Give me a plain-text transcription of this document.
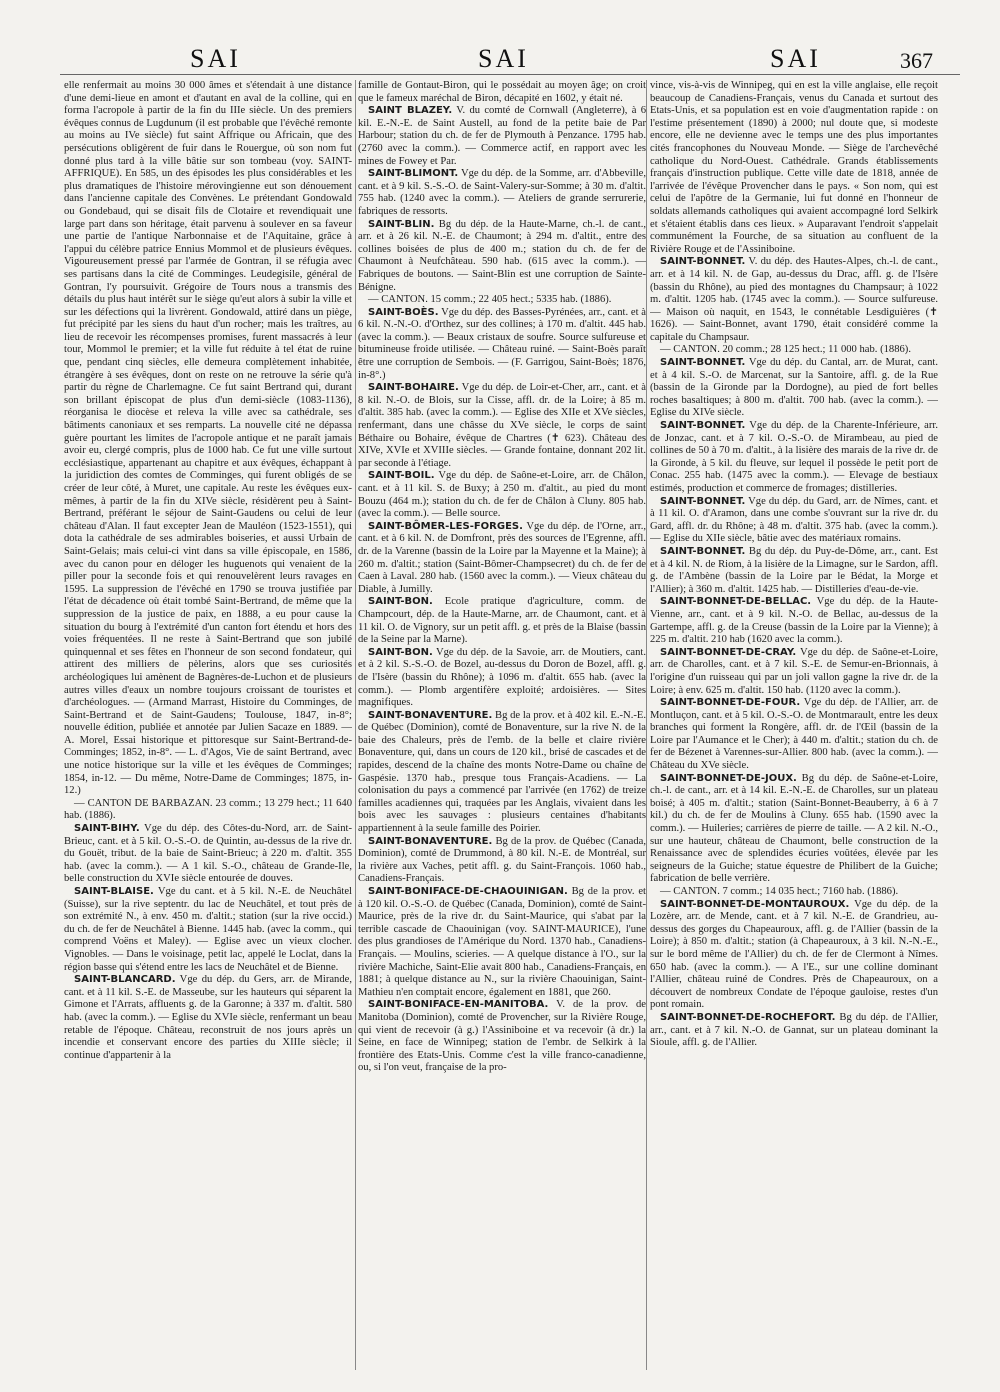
SAI	SAI	SAI	367

elle renfermait au moins 30 000 âmes et s'étendait à une distance d'une demi-lieue en amont et d'autant en aval de la colline, qui en forma l'acropole à partir de la fin du IIIe siècle. Un des premiers évêques connus de Lugdunum (il est probable que l'évêché remonte au moins au IVe siècle) fut saint Affrique ou Africain, que des persécutions obligèrent de fuir dans le Rouergue, où son nom fut donné plus tard à la ville bâtie sur son tombeau (voy. SAINT-AFFRIQUE). En 585, un des épisodes les plus considérables et les plus dramatiques de l'histoire mérovingienne eut son dénouement dans l'ancienne capitale des Convènes. Le prétendant Gondowald ou Gondebaud, qui se disait fils de Clotaire et revendiquait une large part dans son héritage, était parvenu à soulever en sa faveur une partie de l'antique Narbonnaise et de l'Aquitaine, grâce à l'appui du célèbre patrice Ennius Mommol et de plusieurs évêques. Vigoureusement pressé par l'armée de Gontran, il se réfugia avec ses partisans dans la cité de Comminges. Leudegisile, général de Gontran, l'y poursuivit. Grégoire de Tours nous a transmis des détails du plus haut intérêt sur le siège qu'eut alors à subir la ville et sur les défections qui la livrèrent. Gondowald, attiré dans un piège, fut précipité par les siens du haut d'un rocher; mais les traîtres, au lieu de recevoir les récompenses promises, furent massacrés à leur tour, Mommol le premier; et la ville fut réduite à tel état de ruine que, pendant cinq siècles, elle demeura complètement inhabitée, étrangère à ses évêques, dont on reste on ne retrouve la série qu'à partir du règne de Charlemagne. Ce fut saint Bertrand qui, durant son brillant épiscopat de plus d'un demi-siècle (1083-1136), réorganisa le diocèse et releva la ville avec sa cathédrale, ses bâtiments canoniaux et ses remparts. La nouvelle cité ne dépassa guère pourtant les limites de l'acropole antique et ne paraît jamais avoir eu, clergé compris, plus de 1000 hab. Ce fut une ville surtout ecclésiastique, appartenant au chapitre et aux évêques, échappant à la juridiction des comtes de Comminges, qui furent obligés de se créer de leur côté, à Muret, une capitale. Au reste les évêques eux-mêmes, à partir de la fin du XIVe siècle, résidèrent peu à Saint-Bertrand, préférant le séjour de Saint-Gaudens ou celui de leur château d'Alan. Il faut excepter Jean de Mauléon (1523-1551), qui dota la cathédrale de ses admirables boiseries, et aussi Urbain de Saint-Gelais; mais celui-ci vint dans sa ville épiscopale, en 1586, avec du canon pour en déloger les huguenots qui venaient de la piller pour la seconde fois et qui renouvelèrent leurs ravages en 1595. La suppression de l'évêché en 1790 se trouva justifiée par l'état de décadence où était tombé Saint-Bertrand, de même que la suppression de la justice de paix, en 1888, a eu pour cause la situation du bourg à l'extrémité d'un canton fort étendu et hors des voies fréquentées. Il ne reste à Saint-Bertrand que son jubilé quinquennal et ses fêtes en l'honneur de son second fondateur, qui attirent des milliers de pèlerins, alors que ses curiosités archéologiques lui amènent de Bagnères-de-Luchon et de plusieurs autres villes d'eaux un nombre toujours croissant de touristes et d'archéologues. — (Armand Marrast, Histoire du Comminges, de Saint-Bertrand et de Saint-Gaudens; Toulouse, 1847, in-8°; nouvelle édition, publiée et annotée par Julien Sacaze en 1889. — A. Morel, Essai historique et pittoresque sur Saint-Bertrand-de-Comminges; 1852, in-8°. — L. d'Agos, Vie de saint Bertrand, avec une notice historique sur la ville et les évêques de Comminges; 1854, in-12. — Du même, Notre-Dame de Comminges; 1875, in-12.)

— CANTON DE BARBAZAN. 23 comm.; 13 279 hect.; 11 640 hab. (1886).

SAINT-BIHY. Vge du dép. des Côtes-du-Nord, arr. de Saint-Brieuc, cant. et à 5 kil. O.-S.-O. de Quintin, au-dessus de la rive dr. du Gouët, tribut. de la baie de Saint-Brieuc; à 220 m. d'altit. 355 hab. (avec la comm.). — A 1 kil. S.-O., château de Grande-Ile, belle construction du XVIe siècle entourée de douves.

SAINT-BLAISE. Vge du cant. et à 5 kil. N.-E. de Neuchâtel (Suisse), sur la rive septentr. du lac de Neuchâtel, et tout près de son extrémité N., à env. 450 m. d'altit.; station (sur la rive occid.) du ch. de fer de Neuchâtel à Bienne. 1445 hab. (avec la comm., qui comprend Voëns et Maley). — Eglise avec un vieux clocher. Vignobles. — Dans le voisinage, petit lac, appelé le Loclat, dans la région basse qui s'étend entre les lacs de Neuchâtel et de Bienne.

SAINT-BLANCARD. Vge du dép. du Gers, arr. de Mirande, cant. et à 11 kil. S.-E. de Masseube, sur les hauteurs qui séparent la Gimone et l'Arrats, affluents g. de la Garonne; à 337 m. d'altit. 580 hab. (avec la comm.). — Eglise du XVIe siècle, renfermant un beau retable de l'époque. Château, reconstruit de nos jours après un incendie et conservant encore des parties du XIIIe siècle; il continue d'appartenir à la

famille de Gontaut-Biron, qui le possédait au moyen âge; on croit que le fameux maréchal de Biron, décapité en 1602, y était né.

SAINT BLAZEY. V. du comté de Cornwall (Angleterre), à 6 kil. E.-N.-E. de Saint Austell, au fond de la petite baie de Par Harbour; station du ch. de fer de Plymouth à Penzance. 1795 hab. (2760 avec la comm.). — Commerce actif, en rapport avec les mines de Fowey et Par.

SAINT-BLIMONT. Vge du dép. de la Somme, arr. d'Abbeville, cant. et à 9 kil. S.-S.-O. de Saint-Valery-sur-Somme; à 30 m. d'altit. 755 hab. (1240 avec la comm.). — Ateliers de grande serrurerie, fabriques de ressorts.

SAINT-BLIN. Bg du dép. de la Haute-Marne, ch.-l. de cant., arr. et à 26 kil. N.-E. de Chaumont; à 294 m. d'altit., entre des collines boisées de plus de 400 m.; station du ch. de fer de Chaumont à Neufchâteau. 590 hab. (615 avec la comm.). — Fabriques de boutons. — Saint-Blin est une corruption de Sainte-Bénigne.

— CANTON. 15 comm.; 22 405 hect.; 5335 hab. (1886).

SAINT-BOÈS. Vge du dép. des Basses-Pyrénées, arr., cant. et à 6 kil. N.-N.-O. d'Orthez, sur des collines; à 170 m. d'altit. 445 hab. (avec la comm.). — Beaux cristaux de soufre. Source sulfureuse et bitumineuse froide utilisée. — Château ruiné. — Saint-Boès paraît être une corruption de Sembois. — (F. Garrigou, Saint-Boès; 1876, in-8°.)

SAINT-BOHAIRE. Vge du dép. de Loir-et-Cher, arr., cant. et à 8 kil. N.-O. de Blois, sur la Cisse, affl. dr. de la Loire; à 85 m. d'altit. 385 hab. (avec la comm.). — Eglise des XIIe et XVe siècles, renfermant, dans une châsse du XVe siècle, le corps de saint Béthaire ou Bohaire, évêque de Chartres (✝ 623). Château des XIVe, XVIe et XVIIIe siècles. — Grande fontaine, donnant 202 lit. par seconde à l'étiage.

SAINT-BOIL. Vge du dép. de Saône-et-Loire, arr. de Châlon, cant. et à 11 kil. S. de Buxy; à 250 m. d'altit., au pied du mont Bouzu (464 m.); station du ch. de fer de Châlon à Cluny. 805 hab. (avec la comm.). — Belle source.

SAINT-BÔMER-LES-FORGES. Vge du dép. de l'Orne, arr., cant. et à 6 kil. N. de Domfront, près des sources de l'Egrenne, affl. dr. de la Varenne (bassin de la Loire par la Mayenne et la Maine); à 260 m. d'altit.; station (Saint-Bômer-Champsecret) du ch. de fer de Caen à Laval. 280 hab. (1560 avec la comm.). — Vieux château du Diable, à Jumilly.

SAINT-BON. Ecole pratique d'agriculture, comm. de Champcourt, dép. de la Haute-Marne, arr. de Chaumont, cant. et à 11 kil. O. de Vignory, sur un petit affl. g. et près de la Blaise (bassin de la Seine par la Marne).

SAINT-BON. Vge du dép. de la Savoie, arr. de Moutiers, cant. et à 2 kil. S.-S.-O. de Bozel, au-dessus du Doron de Bozel, affl. g. de l'Isère (bassin du Rhône); à 1096 m. d'altit. 655 hab. (avec la comm.). — Plomb argentifère exploité; ardoisières. — Sites magnifiques.

SAINT-BONAVENTURE. Bg de la prov. et à 402 kil. E.-N.-E. de Québec (Dominion), comté de Bonaventure, sur la rive N. de la baie des Chaleurs, près de l'emb. de la belle et claire rivière Bonaventure, qui, dans un cours de 120 kil., brisé de cascades et de rapides, descend de la chaîne des monts Notre-Dame ou chaîne de Gaspésie. 1370 hab., presque tous Français-Acadiens. — La colonisation du pays a commencé par l'arrivée (en 1762) de treize familles acadiennes qui, traquées par les Anglais, vivaient dans les bois avec les sauvages : plusieurs centaines d'habitants appartiennent à la seule famille des Poirier.

SAINT-BONAVENTURE. Bg de la prov. de Québec (Canada, Dominion), comté de Drummond, à 80 kil. N.-E. de Montréal, sur la rivière aux Vaches, petit affl. g. du Saint-François. 1060 hab., Canadiens-Français.

SAINT-BONIFACE-DE-CHAOUINIGAN. Bg de la prov. et à 120 kil. O.-S.-O. de Québec (Canada, Dominion), comté de Saint-Maurice, près de la rive dr. du Saint-Maurice, qui s'abat par la terrible cascade de Chaouinigan (voy. SAINT-MAURICE), l'une des plus grandioses de l'Amérique du Nord. 1370 hab., Canadiens-Français. — Moulins, scieries. — A quelque distance à l'O., sur la rivière Machiche, Saint-Elie avait 800 hab., Canadiens-Français, en 1881; à quelque distance au N., sur la rivière Chaouinigan, Saint-Mathieu n'en comptait encore, également en 1881, que 260.

SAINT-BONIFACE-EN-MANITOBA. V. de la prov. de Manitoba (Dominion), comté de Provencher, sur la Rivière Rouge, qui vient de recevoir (à g.) l'Assiniboine et va recevoir (à dr.) la Seine, en face de Winnipeg; station de l'embr. de Selkirk à la frontière des Etats-Unis. Comme c'est la ville franco-canadienne, ou, si l'on veut, française de la pro-

vince, vis-à-vis de Winnipeg, qui en est la ville anglaise, elle reçoit beaucoup de Canadiens-Français, venus du Canada et surtout des Etats-Unis, et sa population est en voie d'augmentation rapide : on l'estime présentement (1890) à 2000; nul doute que, si modeste encore, elle ne devienne avec le temps une des plus importantes cités francophones du Nouveau Monde. — Siège de l'archevêché catholique du Nord-Ouest. Cathédrale. Grands établissements français d'instruction publique. Cette ville date de 1818, année de l'arrivée de l'évêque Provencher dans le pays. « Son nom, qui est celui de l'apôtre de la Germanie, lui fut donné en l'honneur de soldats allemands catholiques qui avaient accompagné lord Selkirk et s'étaient établis dans ces lieux. » Auparavant l'endroit s'appelait communément la Fourche, de sa situation au confluent de la Rivière Rouge et de l'Assiniboine.

SAINT-BONNET. V. du dép. des Hautes-Alpes, ch.-l. de cant., arr. et à 14 kil. N. de Gap, au-dessus du Drac, affl. g. de l'Isère (bassin du Rhône), au pied des montagnes du Champsaur; à 1022 m. d'altit. 1205 hab. (1745 avec la comm.). — Source sulfureuse. — Maison où naquit, en 1543, le connétable Lesdiguières (✝ 1626). — Saint-Bonnet, avant 1790, était considéré comme la capitale du Champsaur.

— CANTON. 20 comm.; 28 125 hect.; 11 000 hab. (1886).

SAINT-BONNET. Vge du dép. du Cantal, arr. de Murat, cant. et à 4 kil. S.-O. de Marcenat, sur la Santoire, affl. g. de la Rue (bassin de la Gironde par la Dordogne), au pied de fort belles roches basaltiques; à 800 m. d'altit. 700 hab. (avec la comm.). — Eglise du XIVe siècle.

SAINT-BONNET. Vge du dép. de la Charente-Inférieure, arr. de Jonzac, cant. et à 7 kil. O.-S.-O. de Mirambeau, au pied de collines de 50 à 70 m. d'altit., à la lisière des marais de la rive dr. de la Gironde, à 5 kil. du fleuve, sur lequel il possède le petit port de Conac. 255 hab. (1475 avec la comm.). — Elevage de bestiaux estimés, production et commerce de fromages; distilleries.

SAINT-BONNET. Vge du dép. du Gard, arr. de Nîmes, cant. et à 11 kil. O. d'Aramon, dans une combe s'ouvrant sur la rive dr. du Gard, affl. dr. du Rhône; à 48 m. d'altit. 375 hab. (avec la comm.). — Eglise du XIIe siècle, bâtie avec des matériaux romains.

SAINT-BONNET. Bg du dép. du Puy-de-Dôme, arr., cant. Est et à 4 kil. N. de Riom, à la lisière de la Limagne, sur le Sardon, affl. g. de l'Ambène (bassin de la Loire par le Bédat, la Morge et l'Allier); à 360 m. d'altit. 1425 hab. — Distilleries d'eau-de-vie.

SAINT-BONNET-DE-BELLAC. Vge du dép. de la Haute-Vienne, arr., cant. et à 9 kil. N.-O. de Bellac, au-dessus de la Gartempe, affl. g. de la Creuse (bassin de la Loire par la Vienne); à 225 m. d'altit. 210 hab (1620 avec la comm.).

SAINT-BONNET-DE-CRAY. Vge du dép. de Saône-et-Loire, arr. de Charolles, cant. et à 7 kil. S.-E. de Semur-en-Brionnais, à l'origine d'un ruisseau qui par un joli vallon gagne la rive dr. de la Loire; à env. 625 m. d'altit. 150 hab. (1120 avec la comm.).

SAINT-BONNET-DE-FOUR. Vge du dép. de l'Allier, arr. de Montluçon, cant. et à 5 kil. O.-S.-O. de Montmarault, entre les deux branches qui forment la Rongère, affl. dr. de l'Œil (bassin de la Loire par l'Aumance et le Cher); à 440 m. d'altit.; station du ch. de fer de Bézenet à Varennes-sur-Allier. 800 hab. (avec la comm.). — Château du XVe siècle.

SAINT-BONNET-DE-JOUX. Bg du dép. de Saône-et-Loire, ch.-l. de cant., arr. et à 14 kil. E.-N.-E. de Charolles, sur un plateau boisé; à 405 m. d'altit.; station (Saint-Bonnet-Beauberry, à 6 à 7 kil.) du ch. de fer de Moulins à Cluny. 655 hab. (1590 avec la comm.). — Huileries; carrières de pierre de taille. — A 2 kil. N.-O., sur une hauteur, château de Chaumont, belle construction de la Renaissance avec de splendides écuries voûtées, élevée par les seigneurs de la Guiche; statue équestre de Philibert de la Guiche; fabrication de belle verrière.

— CANTON. 7 comm.; 14 035 hect.; 7160 hab. (1886).

SAINT-BONNET-DE-MONTAUROUX. Vge du dép. de la Lozère, arr. de Mende, cant. et à 7 kil. N.-E. de Grandrieu, au-dessus des gorges du Chapeauroux, affl. g. de l'Allier (bassin de la Loire); à 850 m. d'altit.; station (à Chapeauroux, à 3 kil. N.-N.-E., sur le bord même de l'Allier) du ch. de fer de Clermont à Nîmes. 650 hab. (avec la comm.). — A l'E., sur une colline dominant l'Allier, château ruiné de Condres. Près de Chapeauroux, on a découvert de nombreux Condate de l'époque gauloise, restes d'un pont romain.

SAINT-BONNET-DE-ROCHEFORT. Bg du dép. de l'Allier, arr., cant. et à 7 kil. N.-O. de Gannat, sur un plateau dominant la Sioule, affl. g. de l'Allier.
